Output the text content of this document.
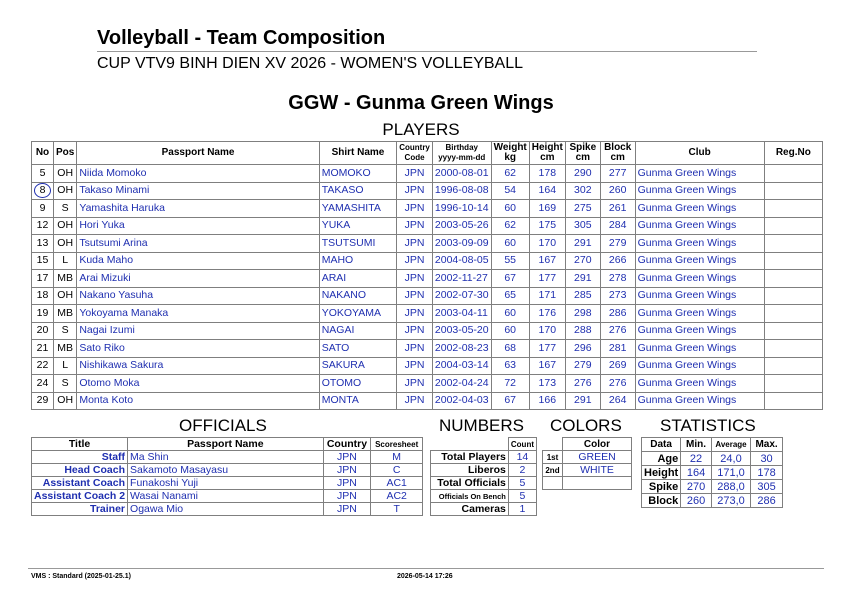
Volleyball - Team Composition
CUP VTV9 BINH DIEN XV 2026 - WOMEN'S VOLLEYBALL
GGW - Gunma Green Wings
PLAYERS
No	Pos	Passport Name	Shirt Name	Country Code	Birthday yyyy-mm-dd	Weight kg	Height cm	Spike cm	Block cm	Club	Reg.No
5	OH	Niida Momoko	MOMOKO	JPN	2000-08-01	62	178	290	277	Gunma Green Wings	
8	OH	Takaso Minami	TAKASO	JPN	1996-08-08	54	164	302	260	Gunma Green Wings	
9	S	Yamashita Haruka	YAMASHITA	JPN	1996-10-14	60	169	275	261	Gunma Green Wings	
12	OH	Hori Yuka	YUKA	JPN	2003-05-26	62	175	305	284	Gunma Green Wings	
13	OH	Tsutsumi Arina	TSUTSUMI	JPN	2003-09-09	60	170	291	279	Gunma Green Wings	
15	L	Kuda Maho	MAHO	JPN	2004-08-05	55	167	270	266	Gunma Green Wings	
17	MB	Arai Mizuki	ARAI	JPN	2002-11-27	67	177	291	278	Gunma Green Wings	
18	OH	Nakano Yasuha	NAKANO	JPN	2002-07-30	65	171	285	273	Gunma Green Wings	
19	MB	Yokoyama Manaka	YOKOYAMA	JPN	2003-04-11	60	176	298	286	Gunma Green Wings	
20	S	Nagai Izumi	NAGAI	JPN	2003-05-20	60	170	288	276	Gunma Green Wings	
21	MB	Sato Riko	SATO	JPN	2002-08-23	68	177	296	281	Gunma Green Wings	
22	L	Nishikawa Sakura	SAKURA	JPN	2004-03-14	63	167	279	269	Gunma Green Wings	
24	S	Otomo Moka	OTOMO	JPN	2002-04-24	72	173	276	276	Gunma Green Wings	
29	OH	Monta Koto	MONTA	JPN	2002-04-03	67	166	291	264	Gunma Green Wings	
OFFICIALS
Title	Passport Name	Country	Scoresheet
Staff	Ma Shin	JPN	M
Head Coach	Sakamoto Masayasu	JPN	C
Assistant Coach	Funakoshi Yuji	JPN	AC1
Assistant Coach 2	Wasai Nanami	JPN	AC2
Trainer	Ogawa Mio	JPN	T
NUMBERS
	Count
Total Players	14
Liberos	2
Total Officials	5
Officials On Bench	5
Cameras	1
COLORS
	Color
1st	GREEN
2nd	WHITE

STATISTICS
Data	Min.	Average	Max.
Age	22	24,0	30
Height	164	171,0	178
Spike	270	288,0	305
Block	260	273,0	286
VMS : Standard (2025-01-25.1)	2026-05-14 17:26
